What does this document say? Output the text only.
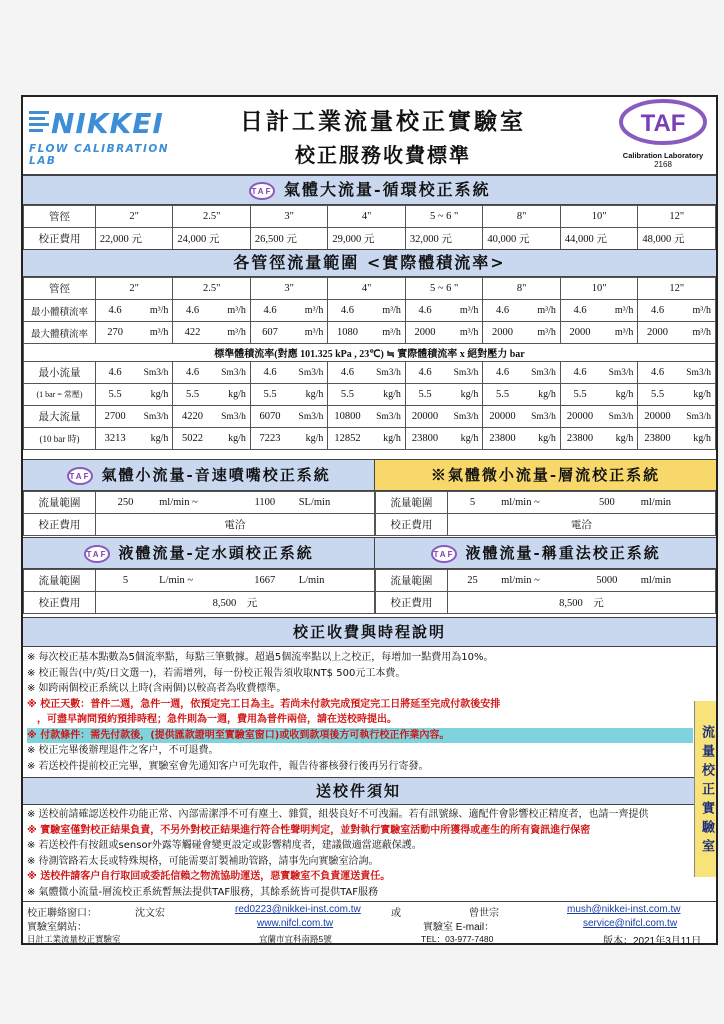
NIKKEI
FLOW CALIBRATION LAB
日計工業流量校正實驗室
校正服務收費標準
TAF
Calibration Laboratory
2168
TAF 氣體大流量-循環校正系統
管徑	2"	2.5"	3"	4"	5 ~ 6 "	8"	10"	12"
校正費用	22,000 元	24,000 元	26,500 元	29,000 元	32,000 元	40,000 元	44,000 元	48,000 元
各管徑流量範圍 <實際體積流率>
管徑	2"		2.5"		3"		4"		5 ~ 6 "		8"		10"		12"	
最小體積流率	4.6	m³/h	4.6	m³/h	4.6	m³/h	4.6	m³/h	4.6	m³/h	4.6	m³/h	4.6	m³/h	4.6	m³/h
最大體積流率	270	m³/h	422	m³/h	607	m³/h	1080	m³/h	2000	m³/h	2000	m³/h	2000	m³/h	2000	m³/h
標準體積流率(對應 101.325 kPa , 23℃) ≒ 實際體積流率 x 絕對壓力 bar																
最小流量	4.6	Sm3/h	4.6	Sm3/h	4.6	Sm3/h	4.6	Sm3/h	4.6	Sm3/h	4.6	Sm3/h	4.6	Sm3/h	4.6	Sm3/h
(1 bar = 常壓)	5.5	kg/h	5.5	kg/h	5.5	kg/h	5.5	kg/h	5.5	kg/h	5.5	kg/h	5.5	kg/h	5.5	kg/h
最大流量	2700	Sm3/h	4220	Sm3/h	6070	Sm3/h	10800	Sm3/h	20000	Sm3/h	20000	Sm3/h	20000	Sm3/h	20000	Sm3/h
(10 bar 時)	3213	kg/h	5022	kg/h	7223	kg/h	12852	kg/h	23800	kg/h	23800	kg/h	23800	kg/h	23800	kg/h
TAF 氣體小流量-音速噴嘴校正系統	※氣體微小流量-層流校正系統
流量範圍	250	ml/min ~	1100	SL/min
校正費用	電洽			
流量範圍	5	ml/min ~	500	ml/min
校正費用	電洽			
TAF 液體流量-定水頭校正系統	TAF 液體流量-稱重法校正系統
流量範圍	5	L/min ~	1667	L/min
校正費用	8,500 元			
流量範圍	25	ml/min ~	5000	ml/min
校正費用	8,500 元			
校正收費與時程說明
※ 每次校正基本點數為5個流率點，每點三筆數據。超過5個流率點以上之校正，每增加一點費用為10%。
※ 校正報告(中/英/日文選一)，若需增列，每一份校正報告須收取NT$ 500元工本費。
※ 如跨兩個校正系統以上時(含兩個)以較高者為收費標準。
※ 校正天數：普件二週，急件一週，依預定完工日為主。若尚未付款完成預定完工日將延至完成付款後安排
　，可盡早詢問預約預排時程；急件則為一週，費用為普件兩倍，請在送校時提出。
※ 付款條件：需先付款後，(提供匯款證明至實驗室窗口)或收到款項後方可執行校正作業內容。
※ 校正完畢後辦理退件之客户，不可退費。
※ 若送校件提前校正完畢，實驗室會先通知客户可先取件，報告待審核發行後再另行寄發。	流量校正實驗室
送校件須知
※ 送校前請確認送校件功能正常、內部需潔淨不可有塵土、雜質，組裝良好不可洩漏。若有訊號線、適配件會影響校正精度者，也請一齊提供
※ 實驗室僅對校正結果負責，不另外對校正結果進行符合性聲明判定，並對執行實驗室活動中所獲得或產生的所有資訊進行保密
※ 若送校件有按鈕或sensor外露等觸碰會變更設定或影響精度者，建議做適當遮蔽保護。
※ 待測管路若太長或特殊規格，可能需要訂製補助管路，請事先向實驗室洽詢。
※ 送校件請客户自行取回或委託信賴之物流協助運送，惡實驗室不負責運送責任。
※ 氣體微小流量-層流校正系統暫無法提供TAF服務，其餘系統皆可提供TAF服務
校正聯絡窗口：	沈文宏	red0223@nikkei-inst.com.tw	或	曾世宗	mush@nikkei-inst.com.tw
實驗室網站：	www.nifcl.com.tw	實驗室 E-mail：	service@nifcl.com.tw
日計工業流量校正實驗室	宜蘭市宜科南路5號	TEL：03-977-7480	版本：2021年3月11日
